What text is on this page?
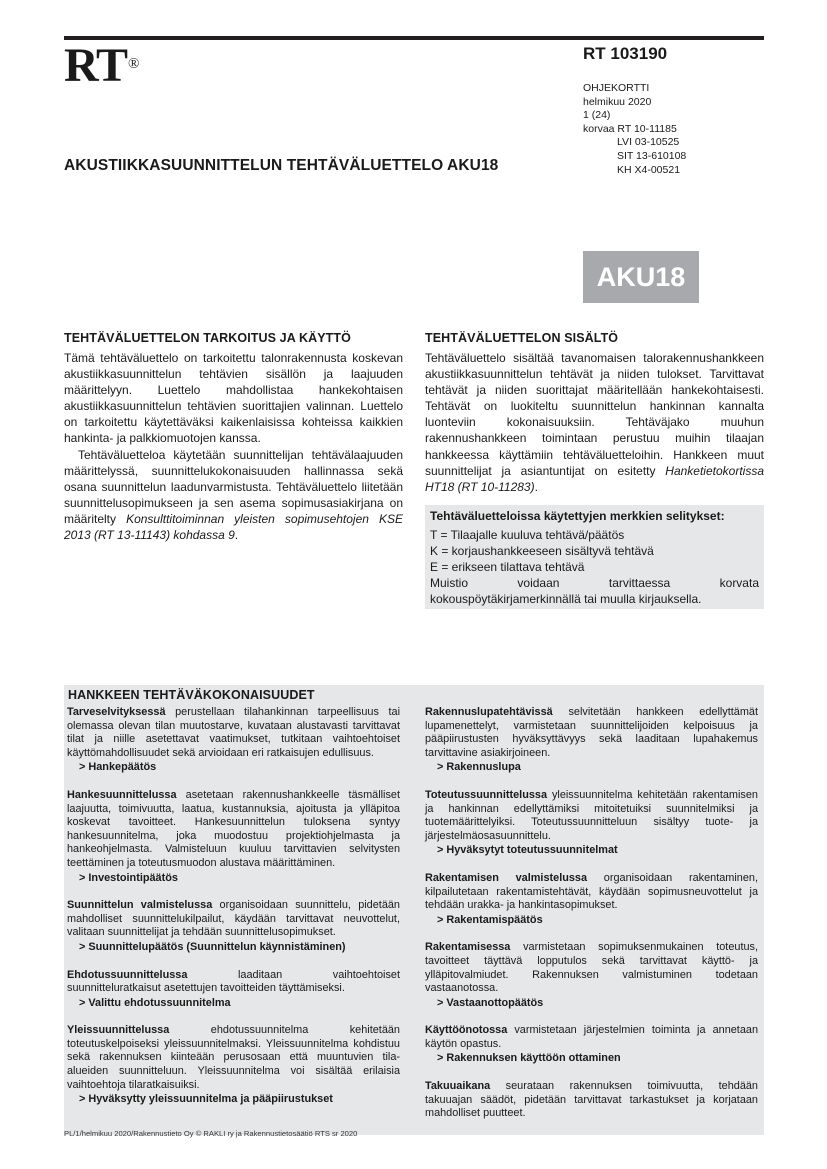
RT®
RT 103190
OHJEKORTTI
helmikuu 2020
1 (24)
korvaa RT 10-11185
LVI 03-10525
SIT 13-610108
KH X4-00521
AKUSTIIKKASUUNNITTELUN TEHTÄVÄLUETTELO AKU18
AKU18
TEHTÄVÄLUETTELON TARKOITUS JA KÄYTTÖ

Tämä tehtäväluettelo on tarkoitettu talonrakennusta koskevan akustiikkasuunnittelun tehtävien sisällön ja laajuuden määrittelyyn. Luettelo mahdollistaa hankekohtaisen akustiikkasuunnittelun tehtävien suorittajien valinnan. Luettelo on tarkoitettu käytettäväksi kaikenlaisissa kohteissa kaikkien hankinta- ja palkkiomuotojen kanssa.

Tehtäväluetteloa käytetään suunnittelijan tehtävälaajuuden määrittelyssä, suunnittelukokonaisuuden hallinnassa sekä osana suunnittelun laadunvarmistusta. Tehtäväluettelo liitetään suunnittelusopimukseen ja sen asema sopimusasiakirjana on määritelty Konsulttitoiminnan yleisten sopimusehtojen KSE 2013 (RT 13-11143) kohdassa 9.

TEHTÄVÄLUETTELON SISÄLTÖ

Tehtäväluettelo sisältää tavanomaisen talorakennushankkeen akustiikkasuunnittelun tehtävät ja niiden tulokset. Tarvittavat tehtävät ja niiden suorittajat määritellään hankekohtaisesti. Tehtävät on luokiteltu suunnittelun hankinnan kannalta luonteviin kokonaisuuksiin. Tehtäväjako muuhun rakennushankkeen toimintaan perustuu muihin tilaajan hankkeessa käyttämiin tehtäväluetteloihin. Hankkeen muut suunnittelijat ja asiantuntijat on esitetty Hanketietokortissa HT18 (RT 10-11283).

Tehtäväluetteloissa käytettyjen merkkien selitykset:

T = Tilaajalle kuuluva tehtävä/päätös

K = korjaushankkeeseen sisältyvä tehtävä

E = erikseen tilattava tehtävä

Muistio voidaan tarvittaessa korvata kokouspöytäkirjamerkinnällä tai muulla kirjauksella.

HANKKEEN TEHTÄVÄKOKONAISUUDET

Tarveselvityksessä perustellaan tilahankinnan tarpeellisuus tai olemassa olevan tilan muutostarve, kuvataan alustavasti tarvittavat tilat ja niille asetettavat vaatimukset, tutkitaan vaihtoehtoiset käyttömahdollisuudet sekä arvioidaan eri ratkaisujen edullisuus.

> Hankepäätös

Hankesuunnittelussa asetetaan rakennushankkeelle täsmälliset laajuutta, toimivuutta, laatua, kustannuksia, ajoitusta ja ylläpitoa koskevat tavoitteet. Hankesuunnittelun tuloksena syntyy hankesuunnitelma, joka muodostuu projektiohjelmasta ja hankeohjelmasta. Valmisteluun kuuluu tarvittavien selvitysten teettäminen ja toteutusmuodon alustava määrittäminen.

> Investointipäätös

Suunnittelun valmistelussa organisoidaan suunnittelu, pidetään mahdolliset suunnittelukilpailut, käydään tarvittavat neuvottelut, valitaan suunnittelijat ja tehdään suunnittelusopimukset.

> Suunnittelupäätös (Suunnittelun käynnistäminen)

Ehdotussuunnittelussa laaditaan vaihtoehtoiset suunnitteluratkaisut asetettujen tavoitteiden täyttämiseksi.

> Valittu ehdotussuunnitelma

Yleissuunnittelussa ehdotussuunnitelma kehitetään toteutuskelpoiseksi yleissuunnitelmaksi. Yleissuunnitelma kohdistuu sekä rakennuksen kiinteään perusosaan että muuntuvien tila-alueiden suunnitteluun. Yleissuunnitelma voi sisältää erilaisia vaihtoehtoja tilaratkaisuiksi.

> Hyväksytty yleissuunnitelma ja pääpiirustukset

Rakennuslupatehtävissä selvitetään hankkeen edellyttämät lupamenettelyt, varmistetaan suunnittelijoiden kelpoisuus ja pääpiirustusten hyväksyttävyys sekä laaditaan lupahakemus tarvittavine asiakirjoineen.

> Rakennuslupa

Toteutussuunnittelussa yleissuunnitelma kehitetään rakentamisen ja hankinnan edellyttämiksi mitoitetuiksi suunnitelmiksi ja tuotemäärittelyiksi. Toteutussuunnitteluun sisältyy tuote- ja järjestelmäosasuunnittelu.

> Hyväksytyt toteutussuunnitelmat

Rakentamisen valmistelussa organisoidaan rakentaminen, kilpailutetaan rakentamistehtävät, käydään sopimusneuvottelut ja tehdään urakka- ja hankintasopimukset.

> Rakentamispäätös

Rakentamisessa varmistetaan sopimuksenmukainen toteutus, tavoitteet täyttävä lopputulos sekä tarvittavat käyttö- ja ylläpitovalmiudet. Rakennuksen valmistuminen todetaan vastaanotossa.

> Vastaanottopäätös

Käyttöönotossa varmistetaan järjestelmien toiminta ja annetaan käytön opastus.

> Rakennuksen käyttöön ottaminen

Takuuaikana seurataan rakennuksen toimivuutta, tehdään takuuajan säädöt, pidetään tarvittavat tarkastukset ja korjataan mahdolliset puutteet.

PL/1/helmikuu 2020/Rakennustieto Oy © RAKLI ry ja Rakennustietosäätiö RTS sr 2020
